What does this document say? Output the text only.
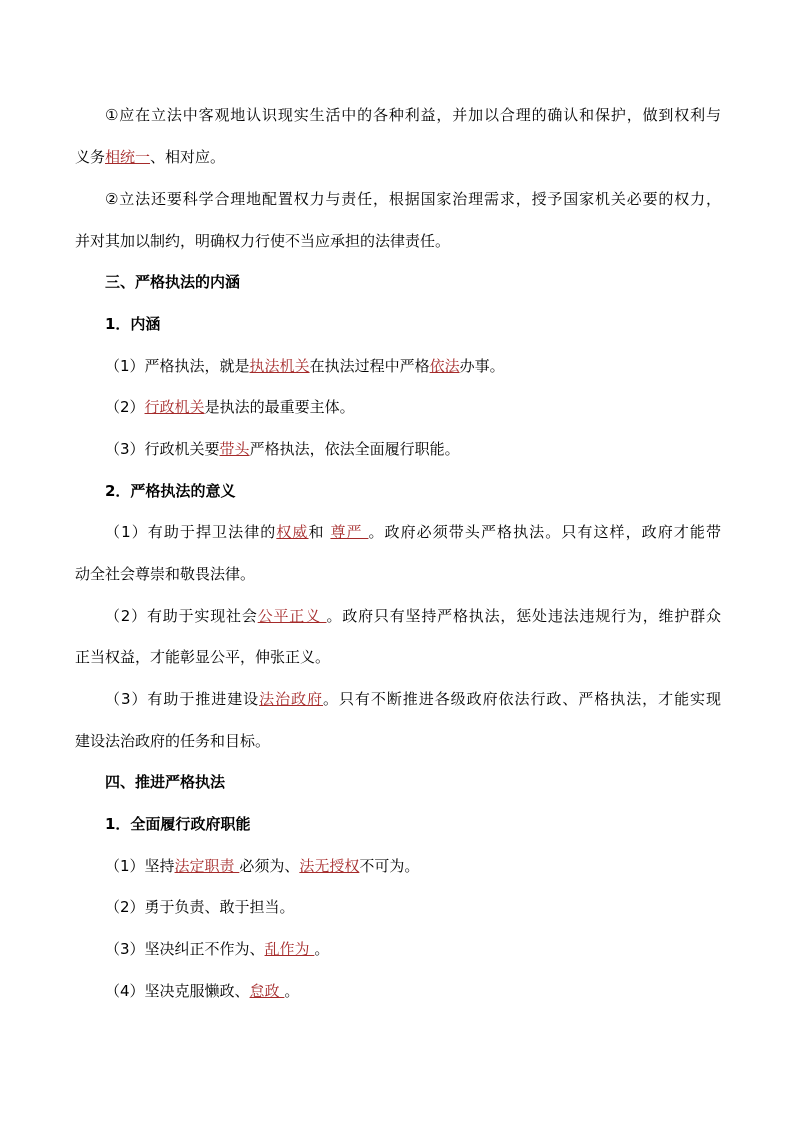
①应在立法中客观地认识现实生活中的各种利益，并加以合理的确认和保护，做到权利与
义务相统一、相对应。
②立法还要科学合理地配置权力与责任，根据国家治理需求，授予国家机关必要的权力，
并对其加以制约，明确权力行使不当应承担的法律责任。
三、严格执法的内涵
1．内涵
（1）严格执法，就是执法机关在执法过程中严格依法办事。
（2）行政机关是执法的最重要主体。
（3）行政机关要带头严格执法，依法全面履行职能。
2．严格执法的意义
（1）有助于捍卫法律的权威和 尊严 。政府必须带头严格执法。只有这样，政府才能带
动全社会尊崇和敬畏法律。
（2）有助于实现社会公平正义 。政府只有坚持严格执法，惩处违法违规行为，维护群众
正当权益，才能彰显公平，伸张正义。
（3）有助于推进建设法治政府。只有不断推进各级政府依法行政、严格执法，才能实现
建设法治政府的任务和目标。
四、推进严格执法
1．全面履行政府职能
（1）坚持法定职责 必须为、法无授权不可为。
（2）勇于负责、敢于担当。
（3）坚决纠正不作为、乱作为 。
（4）坚决克服懒政、怠政 。
